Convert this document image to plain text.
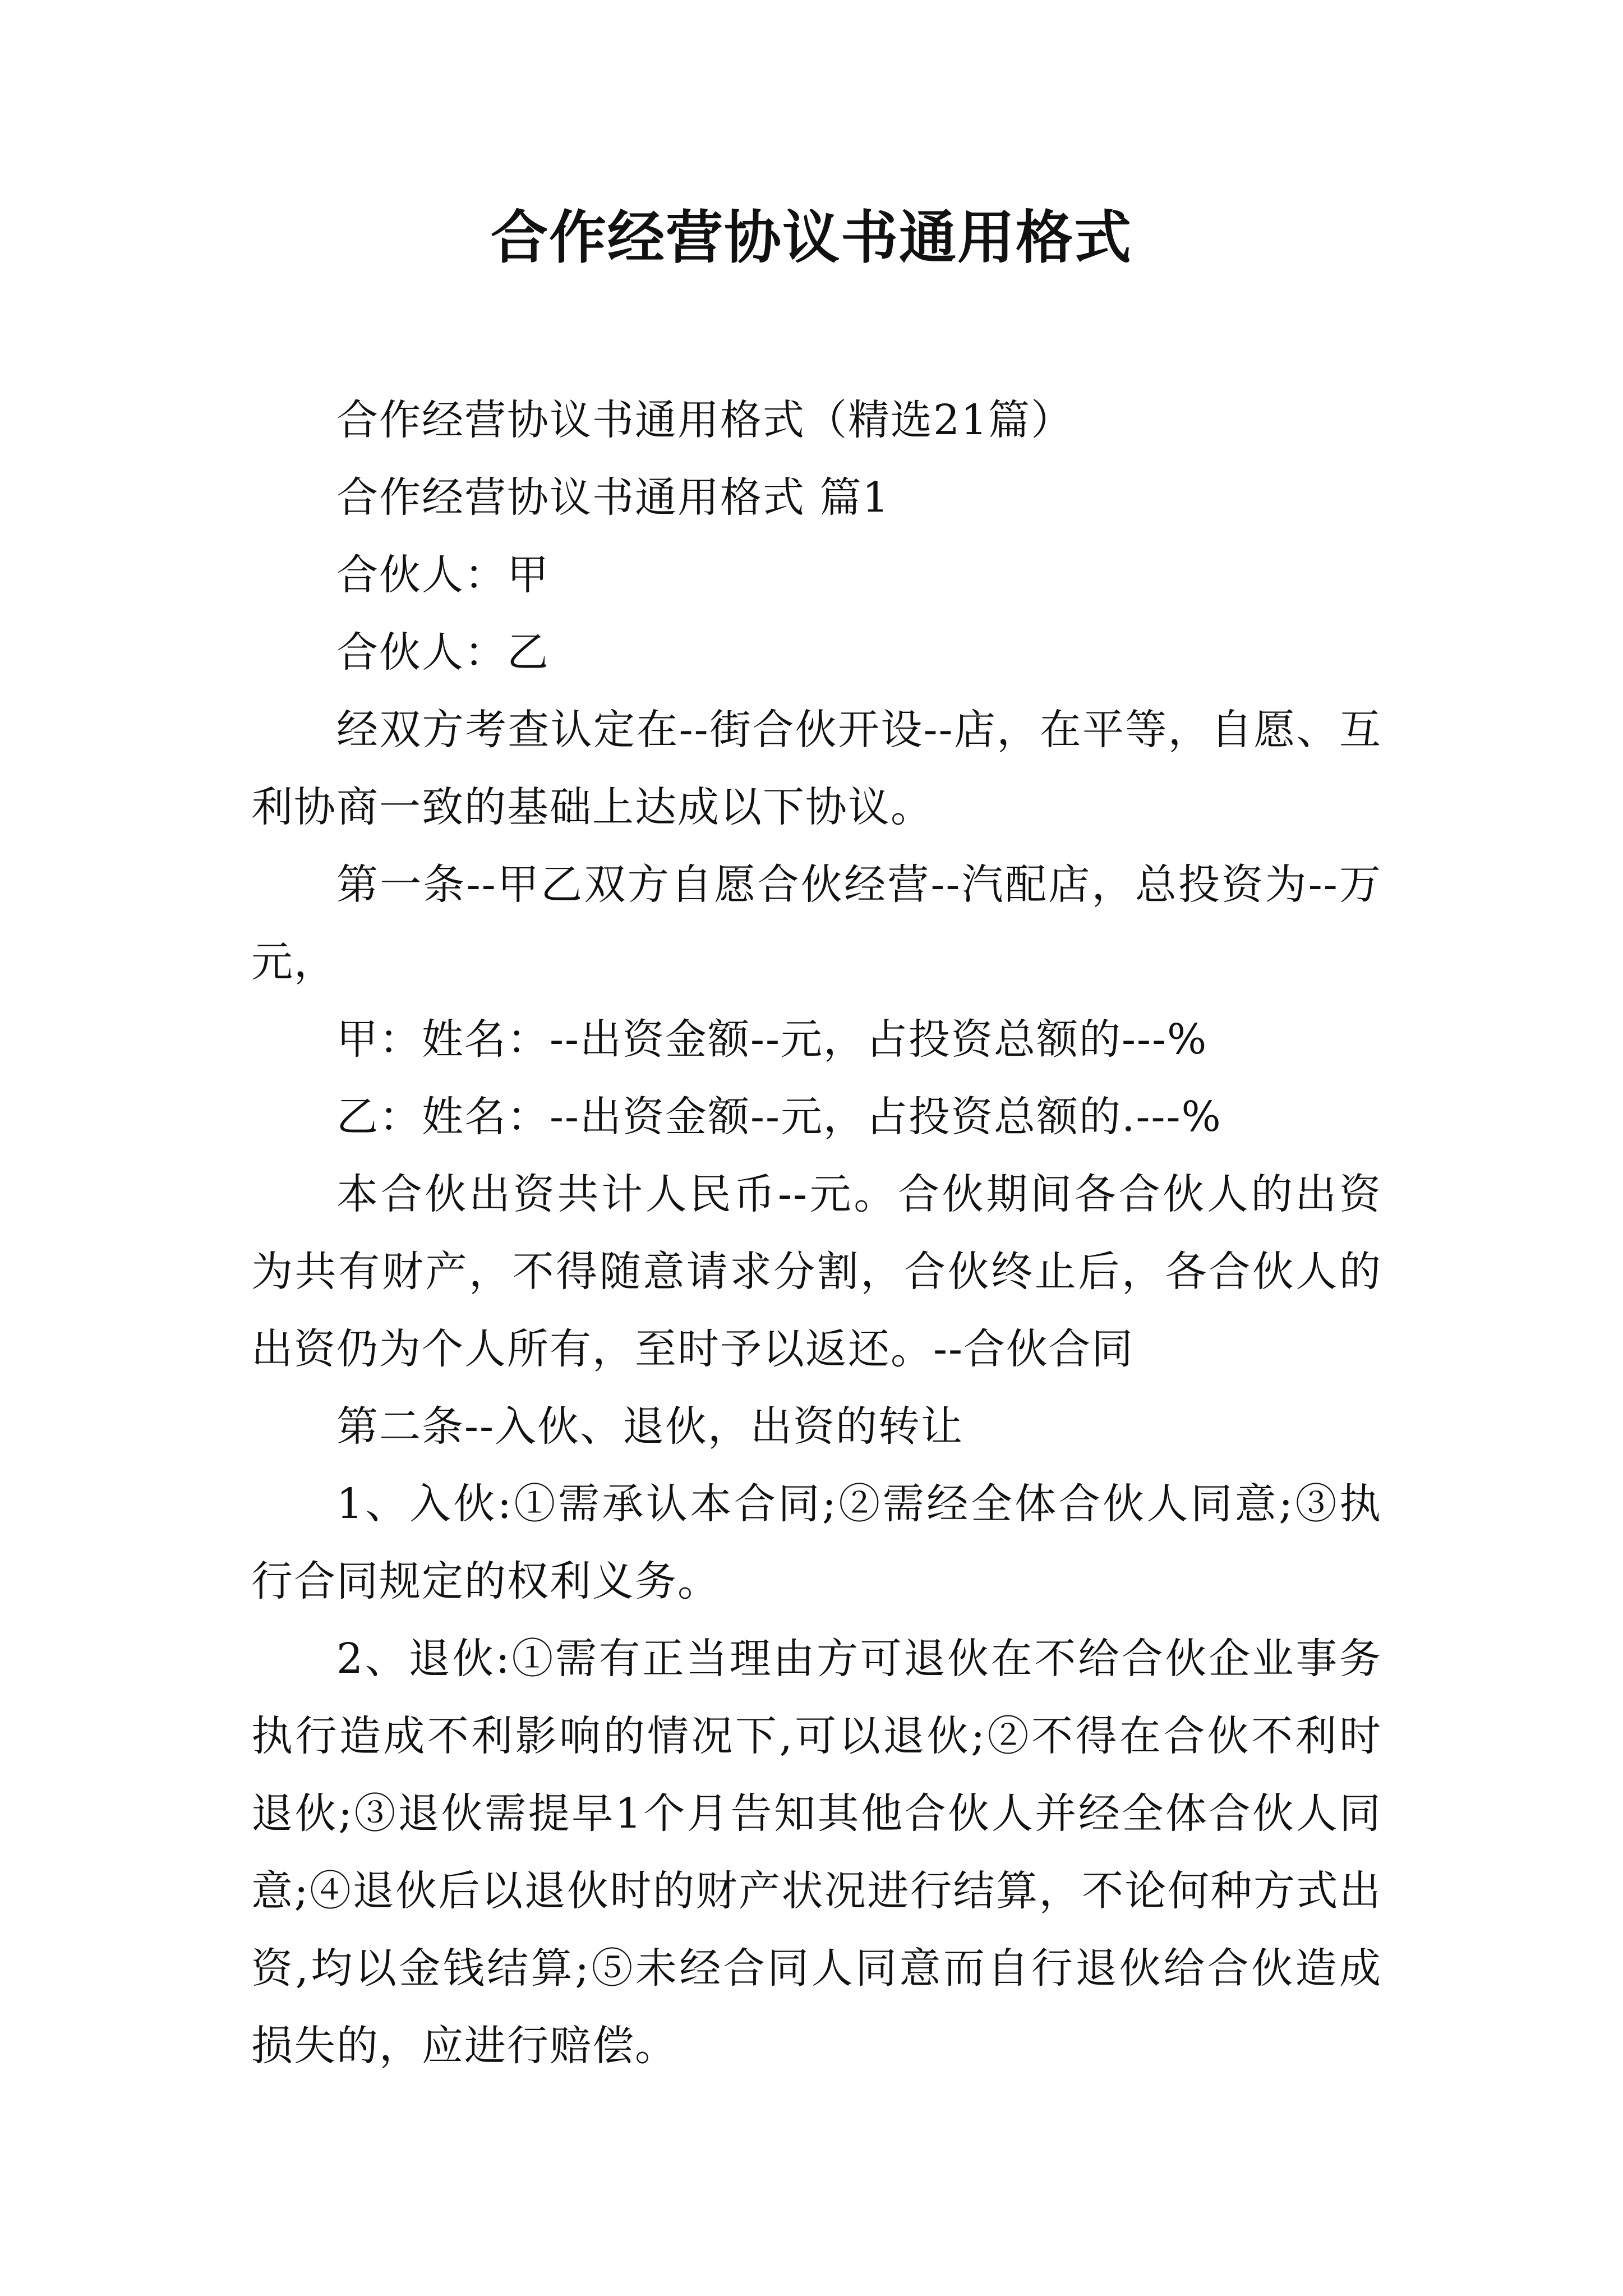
合作经营协议书通用格式

合作经营协议书通用格式（精选21篇）

合作经营协议书通用格式 篇1

合伙人：甲

合伙人：乙

经双方考查认定在--街合伙开设--店，在平等，自愿、互利协商一致的基础上达成以下协议。

第一条--甲乙双方自愿合伙经营--汽配店，总投资为--万元，

甲：姓名：--出资金额--元，占投资总额的---%

乙：姓名：--出资金额--元，占投资总额的.---%

本合伙出资共计人民币--元。合伙期间各合伙人的出资为共有财产，不得随意请求分割，合伙终止后，各合伙人的出资仍为个人所有，至时予以返还。--合伙合同

第二条--入伙、退伙，出资的转让

1、入伙:①需承认本合同;②需经全体合伙人同意;③执行合同规定的权利义务。

2、退伙:①需有正当理由方可退伙在不给合伙企业事务执行造成不利影响的情况下,可以退伙;②不得在合伙不利时退伙;③退伙需提早1个月告知其他合伙人并经全体合伙人同意;④退伙后以退伙时的财产状况进行结算，不论何种方式出资,均以金钱结算;⑤未经合同人同意而自行退伙给合伙造成损失的，应进行赔偿。
